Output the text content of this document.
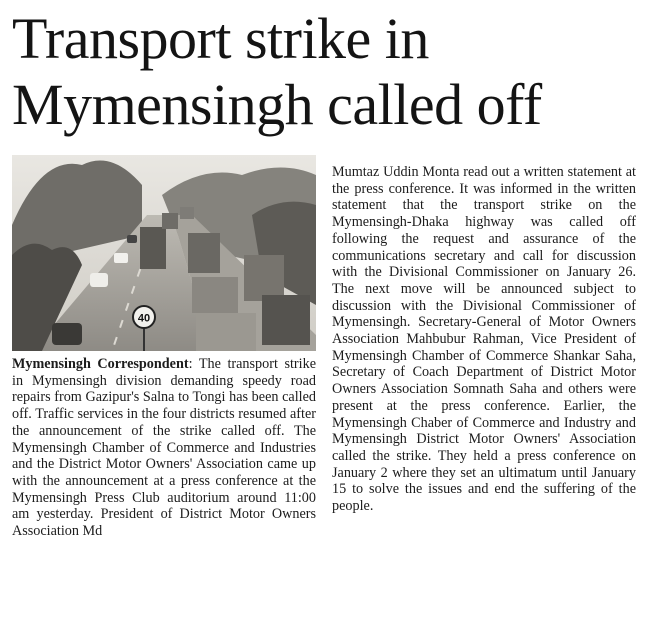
Transport strike in
Mymensingh called off
40

Mymensingh Correspondent: The transport strike in Mymensingh division demanding speedy road repairs from Gazipur's Salna to Tongi has been called off. Traffic services in the four districts resumed after the announcement of the strike called off. The Mymensingh Chamber of Commerce and Industries and the District Motor Owners' Association came up with the announcement at a press conference at the Mymensingh Press Club auditorium around 11:00 am yesterday. President of District Motor Owners Association Md

Mumtaz Uddin Monta read out a written statement at the press conference. It was informed in the written statement that the transport strike on the Mymensingh-Dhaka highway was called off following the request and assurance of the communications secretary and call for discussion with the Divisional Commissioner on January 26. The next move will be announced subject to discussion with the Divisional Commissioner of Mymensingh. Secretary-General of Motor Owners Association Mahbubur Rahman, Vice President of Mymensingh Chamber of Commerce Shankar Saha, Secretary of Coach Department of District Motor Owners Association Somnath Saha and others were present at the press conference. Earlier, the Mymensingh Chaber of Commerce and Industry and Mymensingh District Motor Owners' Association called the strike. They held a press conference on January 2 where they set an ultimatum until January 15 to solve the issues and end the suffering of the people.
